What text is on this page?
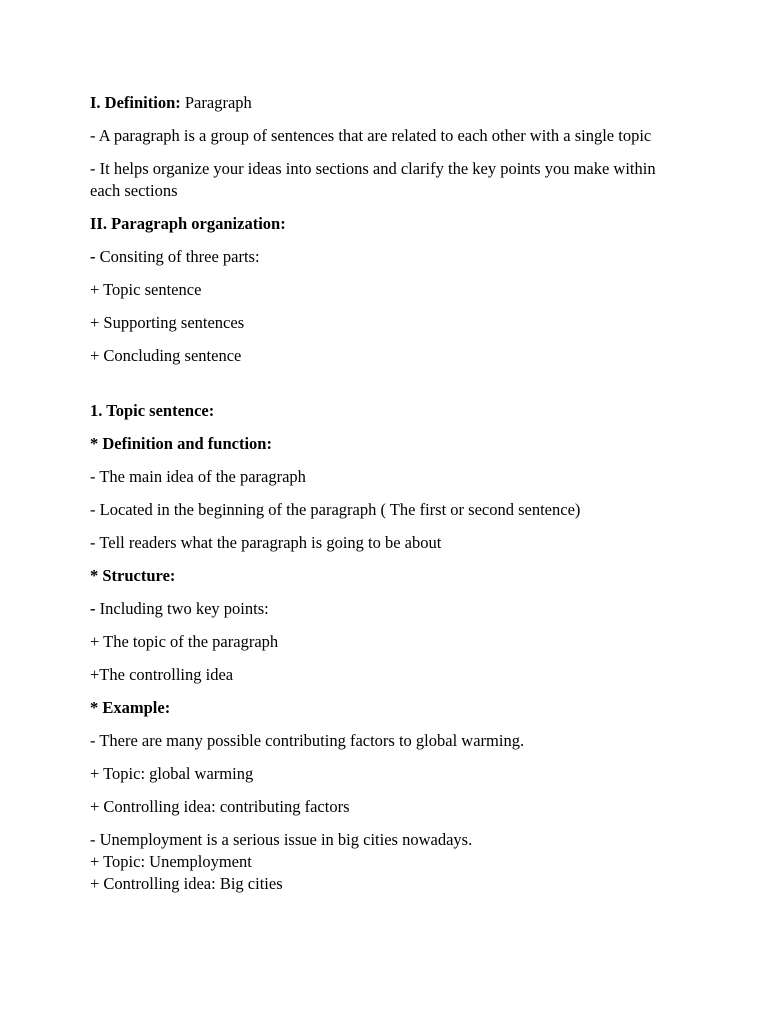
I. Definition: Paragraph
- A paragraph is a group of sentences that are related to each other with a single topic
- It helps organize your ideas into sections and clarify the key points you make within each sections
II. Paragraph organization:
- Consiting of three parts:
+ Topic sentence
+ Supporting sentences
+ Concluding sentence
1. Topic sentence:
* Definition and function:
- The main idea of the paragraph
- Located in the beginning of the paragraph ( The first or second sentence)
- Tell readers what the paragraph is going to be about
* Structure:
- Including two key points:
+ The topic of the paragraph
+The controlling idea
* Example:
- There are many possible contributing factors to global warming.
+ Topic: global warming
+ Controlling idea: contributing factors
- Unemployment is a serious issue in big cities nowadays.
+ Topic: Unemployment
+ Controlling idea: Big cities
